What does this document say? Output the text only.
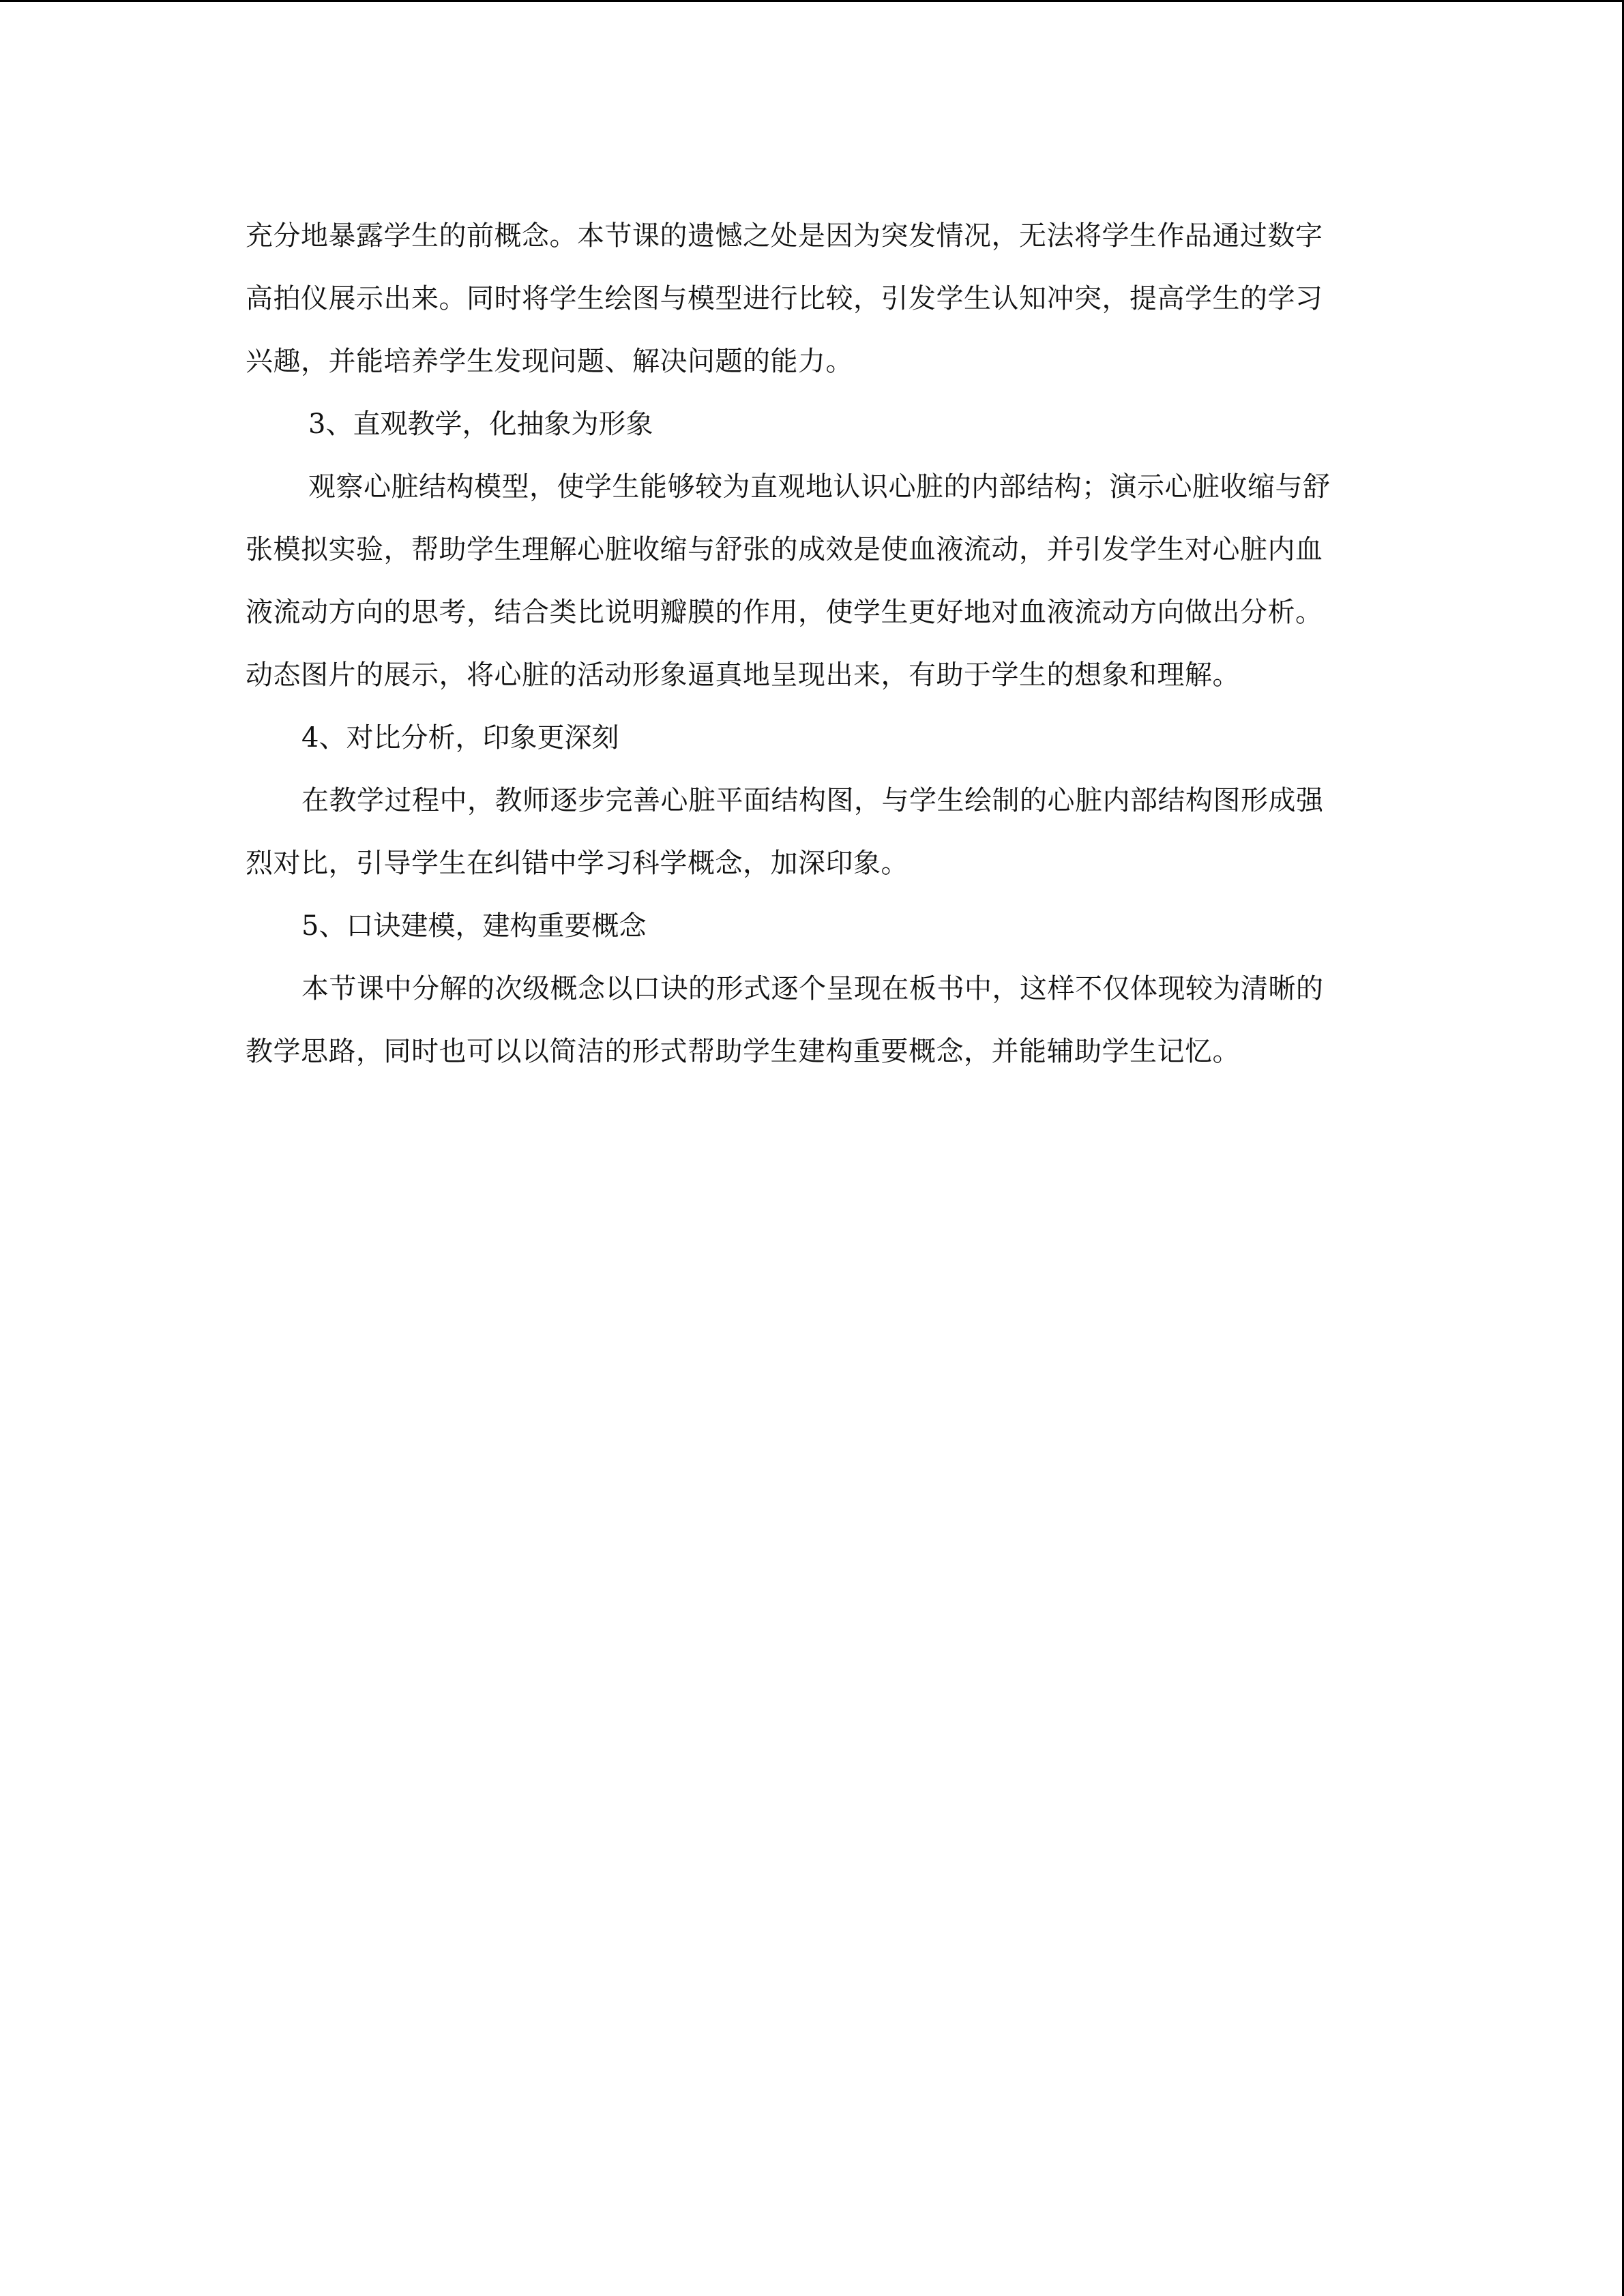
充分地暴露学生的前概念。本节课的遗憾之处是因为突发情况，无法将学生作品通过数字
高拍仪展示出来。同时将学生绘图与模型进行比较，引发学生认知冲突，提高学生的学习
兴趣，并能培养学生发现问题、解决问题的能力。

3、直观教学，化抽象为形象

观察心脏结构模型，使学生能够较为直观地认识心脏的内部结构；演示心脏收缩与舒
张模拟实验，帮助学生理解心脏收缩与舒张的成效是使血液流动，并引发学生对心脏内血
液流动方向的思考，结合类比说明瓣膜的作用，使学生更好地对血液流动方向做出分析。
动态图片的展示，将心脏的活动形象逼真地呈现出来，有助于学生的想象和理解。

4、对比分析，印象更深刻

在教学过程中，教师逐步完善心脏平面结构图，与学生绘制的心脏内部结构图形成强
烈对比，引导学生在纠错中学习科学概念，加深印象。

5、口诀建模，建构重要概念

本节课中分解的次级概念以口诀的形式逐个呈现在板书中，这样不仅体现较为清晰的
教学思路，同时也可以以简洁的形式帮助学生建构重要概念，并能辅助学生记忆。
